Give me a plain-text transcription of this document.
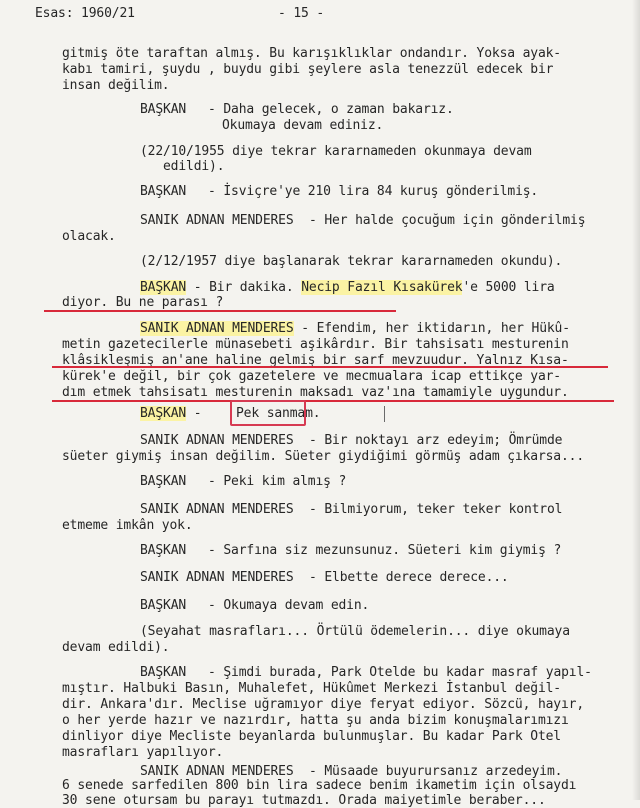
Esas: 1960/21	- 15 -
gitmiş öte taraftan almış. Bu karışıklıklar ondandır. Yoksa ayak-
kabı tamiri, şuydu , buydu gibi şeylere asla tenezzül edecek bir
insan değilim.
BAŞKAN - Daha gelecek, o zaman bakarız.
Okumaya devam ediniz.
(22/10/1955 diye tekrar kararnameden okunmaya devam
edildi).
BAŞKAN - İsviçre'ye 210 lira 84 kuruş gönderilmiş.
SANIK ADNAN MENDERES - Her halde çocuğum için gönderilmiş
olacak.
(2/12/1957 diye başlanarak tekrar kararnameden okundu).
BAŞKAN - Bir dakika. Necip Fazıl Kısakürek'e 5000 lira
diyor. Bu ne parası ?
SANIK ADNAN MENDERES - Efendim, her iktidarın, her Hükû-
metin gazetecilerle münasebeti aşikârdır. Bir tahsisatı mesturenin
klâsikleşmiş an'ane haline gelmiş bir sarf mevzuudur. Yalnız Kısa-
kürek'e değil, bir çok gazetelere ve mecmualara icap ettikçe yar-
dım etmek tahsisatı mesturenin maksadı vaz'ına tamamiyle uygundur.
BAŞKAN -	Pek sanmam.
SANIK ADNAN MENDERES - Bir noktayı arz edeyim; Ömrümde
süeter giymiş insan değilim. Süeter giydiğimi görmüş adam çıkarsa...
BAŞKAN - Peki kim almış ?
SANIK ADNAN MENDERES - Bilmiyorum, teker teker kontrol
etmeme imkân yok.
BAŞKAN - Sarfına siz mezunsunuz. Süeteri kim giymiş ?
SANIK ADNAN MENDERES - Elbette derece derece...
BAŞKAN - Okumaya devam edin.
(Seyahat masrafları... Örtülü ödemelerin... diye okumaya
devam edildi).
BAŞKAN - Şimdi burada, Park Otelde bu kadar masraf yapıl-
mıştır. Halbuki Basın, Muhalefet, Hükûmet Merkezi İstanbul değil-
dir. Ankara'dır. Meclise uğramıyor diye feryat ediyor. Sözcü, hayır,
o her yerde hazır ve nazırdır, hatta şu anda bizim konuşmalarımızı
dinliyor diye Mecliste beyanlarda bulunmuşlar. Bu kadar Park Otel
masrafları yapılıyor.
SANIK ADNAN MENDERES - Müsaade buyurursanız arzedeyim.
6 senede sarfedilen 800 bin lira sadece benim ikametim için olsaydı
30 sene otursam bu parayı tutmazdı. Orada maiyetimle beraber...
